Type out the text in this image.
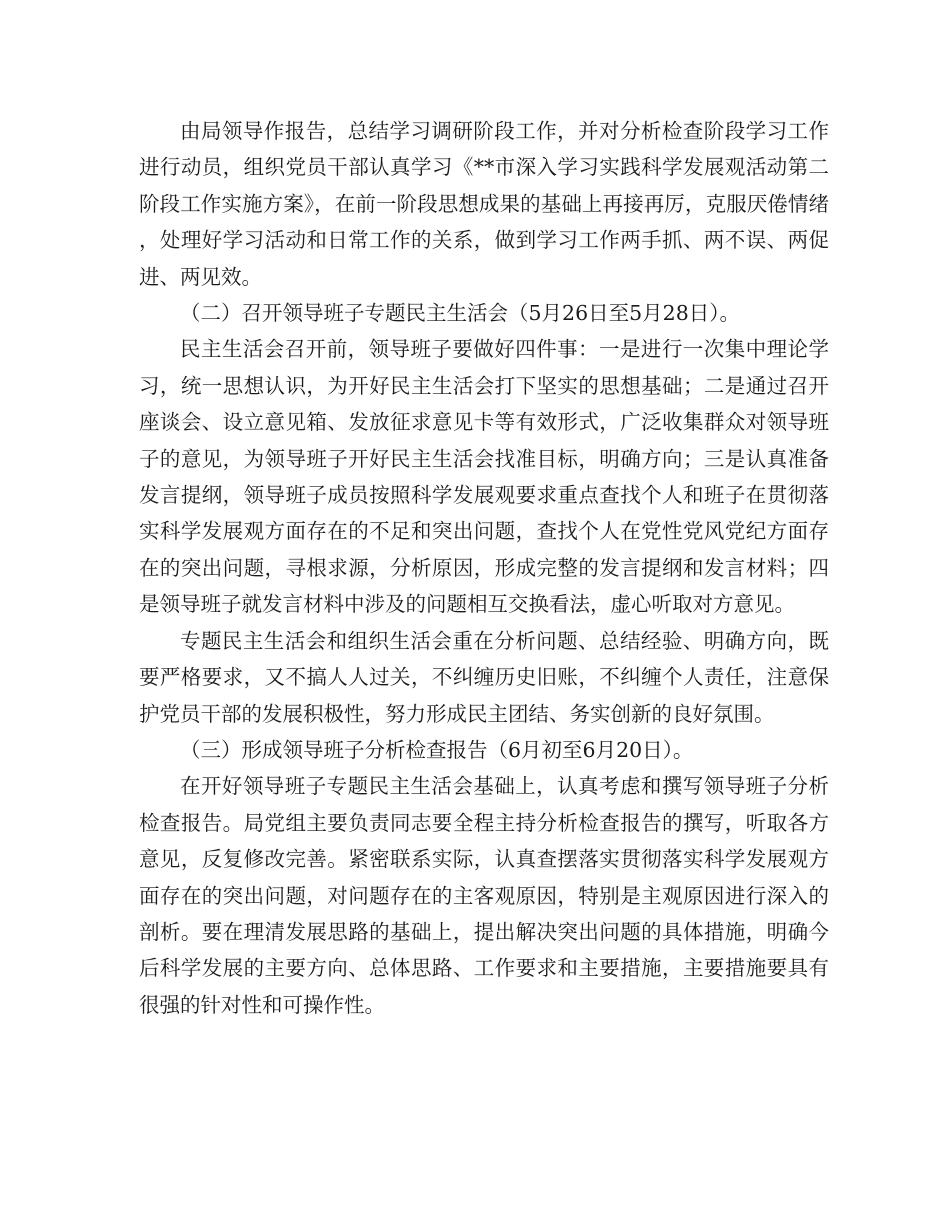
由局领导作报告，总结学习调研阶段工作，并对分析检查阶段学习工作进行动员，组织党员干部认真学习《**市深入学习实践科学发展观活动第二阶段工作实施方案》，在前一阶段思想成果的基础上再接再厉，克服厌倦情绪，处理好学习活动和日常工作的关系，做到学习工作两手抓、两不误、两促进、两见效。

（二）召开领导班子专题民主生活会（5月26日至5月28日）。

民主生活会召开前，领导班子要做好四件事：一是进行一次集中理论学习，统一思想认识，为开好民主生活会打下坚实的思想基础；二是通过召开座谈会、设立意见箱、发放征求意见卡等有效形式，广泛收集群众对领导班子的意见，为领导班子开好民主生活会找准目标，明确方向；三是认真准备发言提纲，领导班子成员按照科学发展观要求重点查找个人和班子在贯彻落实科学发展观方面存在的不足和突出问题，查找个人在党性党风党纪方面存在的突出问题，寻根求源，分析原因，形成完整的发言提纲和发言材料；四是领导班子就发言材料中涉及的问题相互交换看法，虚心听取对方意见。

专题民主生活会和组织生活会重在分析问题、总结经验、明确方向，既要严格要求，又不搞人人过关，不纠缠历史旧账，不纠缠个人责任，注意保护党员干部的发展积极性，努力形成民主团结、务实创新的良好氛围。

（三）形成领导班子分析检查报告（6月初至6月20日）。

在开好领导班子专题民主生活会基础上，认真考虑和撰写领导班子分析检查报告。局党组主要负责同志要全程主持分析检查报告的撰写，听取各方意见，反复修改完善。紧密联系实际，认真查摆落实贯彻落实科学发展观方面存在的突出问题，对问题存在的主客观原因，特别是主观原因进行深入的剖析。要在理清发展思路的基础上，提出解决突出问题的具体措施，明确今后科学发展的主要方向、总体思路、工作要求和主要措施，主要措施要具有很强的针对性和可操作性。
